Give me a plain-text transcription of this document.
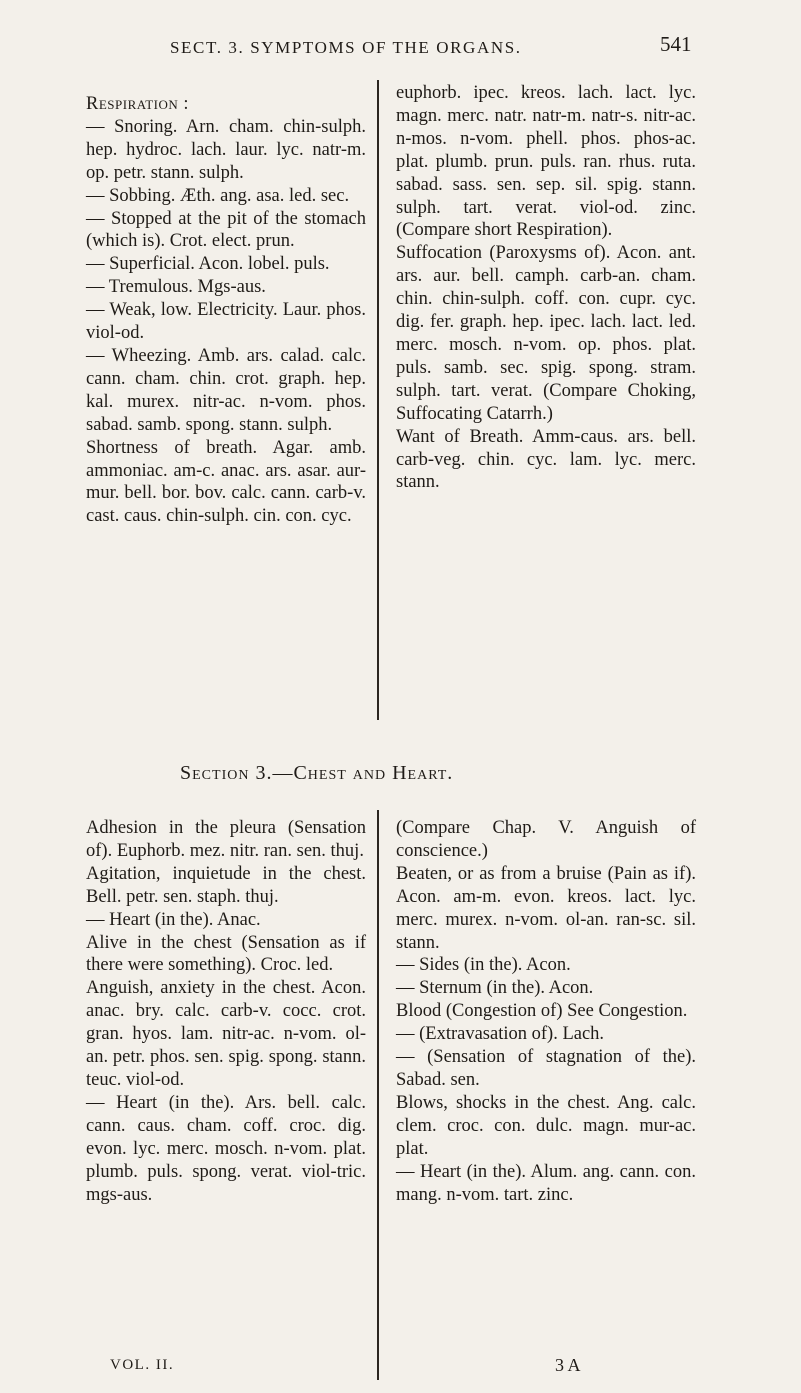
SECT. 3. SYMPTOMS OF THE ORGANS.	541

Respiration :

— Snoring. Arn. cham. chin-sulph. hep. hydroc. lach. laur. lyc. natr-m. op. petr. stann. sulph.

— Sobbing. Æth. ang. asa. led. sec.

— Stopped at the pit of the stomach (which is). Crot. elect. prun.

— Superficial. Acon. lobel. puls.

— Tremulous. Mgs-aus.

— Weak, low. Electricity. Laur. phos. viol-od.

— Wheezing. Amb. ars. calad. calc. cann. cham. chin. crot. graph. hep. kal. murex. nitr-ac. n-vom. phos. sabad. samb. spong. stann. sulph.

Shortness of breath. Agar. amb. ammoniac. am-c. anac. ars. asar. aur-mur. bell. bor. bov. calc. cann. carb-v. cast. caus. chin-sulph. cin. con. cyc.

euphorb. ipec. kreos. lach. lact. lyc. magn. merc. natr. natr-m. natr-s. nitr-ac. n-mos. n-vom. phell. phos. phos-ac. plat. plumb. prun. puls. ran. rhus. ruta. sabad. sass. sen. sep. sil. spig. stann. sulph. tart. verat. viol-od. zinc. (Compare short Respiration).

Suffocation (Paroxysms of). Acon. ant. ars. aur. bell. camph. carb-an. cham. chin. chin-sulph. coff. con. cupr. cyc. dig. fer. graph. hep. ipec. lach. lact. led. merc. mosch. n-vom. op. phos. plat. puls. samb. sec. spig. spong. stram. sulph. tart. verat. (Compare Choking, Suffocating Catarrh.)

Want of Breath. Amm-caus. ars. bell. carb-veg. chin. cyc. lam. lyc. merc. stann.

Section 3.—Chest and Heart.

Adhesion in the pleura (Sensation of). Euphorb. mez. nitr. ran. sen. thuj.

Agitation, inquietude in the chest. Bell. petr. sen. staph. thuj.

— Heart (in the). Anac.

Alive in the chest (Sensation as if there were something). Croc. led.

Anguish, anxiety in the chest. Acon. anac. bry. calc. carb-v. cocc. crot. gran. hyos. lam. nitr-ac. n-vom. ol-an. petr. phos. sen. spig. spong. stann. teuc. viol-od.

— Heart (in the). Ars. bell. calc. cann. caus. cham. coff. croc. dig. evon. lyc. merc. mosch. n-vom. plat. plumb. puls. spong. verat. viol-tric. mgs-aus.

(Compare Chap. V. Anguish of conscience.)

Beaten, or as from a bruise (Pain as if). Acon. am-m. evon. kreos. lact. lyc. merc. murex. n-vom. ol-an. ran-sc. sil. stann.

— Sides (in the). Acon.

— Sternum (in the). Acon.

Blood (Congestion of) See Congestion.

— (Extravasation of). Lach.

— (Sensation of stagnation of the). Sabad. sen.

Blows, shocks in the chest. Ang. calc. clem. croc. con. dulc. magn. mur-ac. plat.

— Heart (in the). Alum. ang. cann. con. mang. n-vom. tart. zinc.

VOL. II.	3 A
